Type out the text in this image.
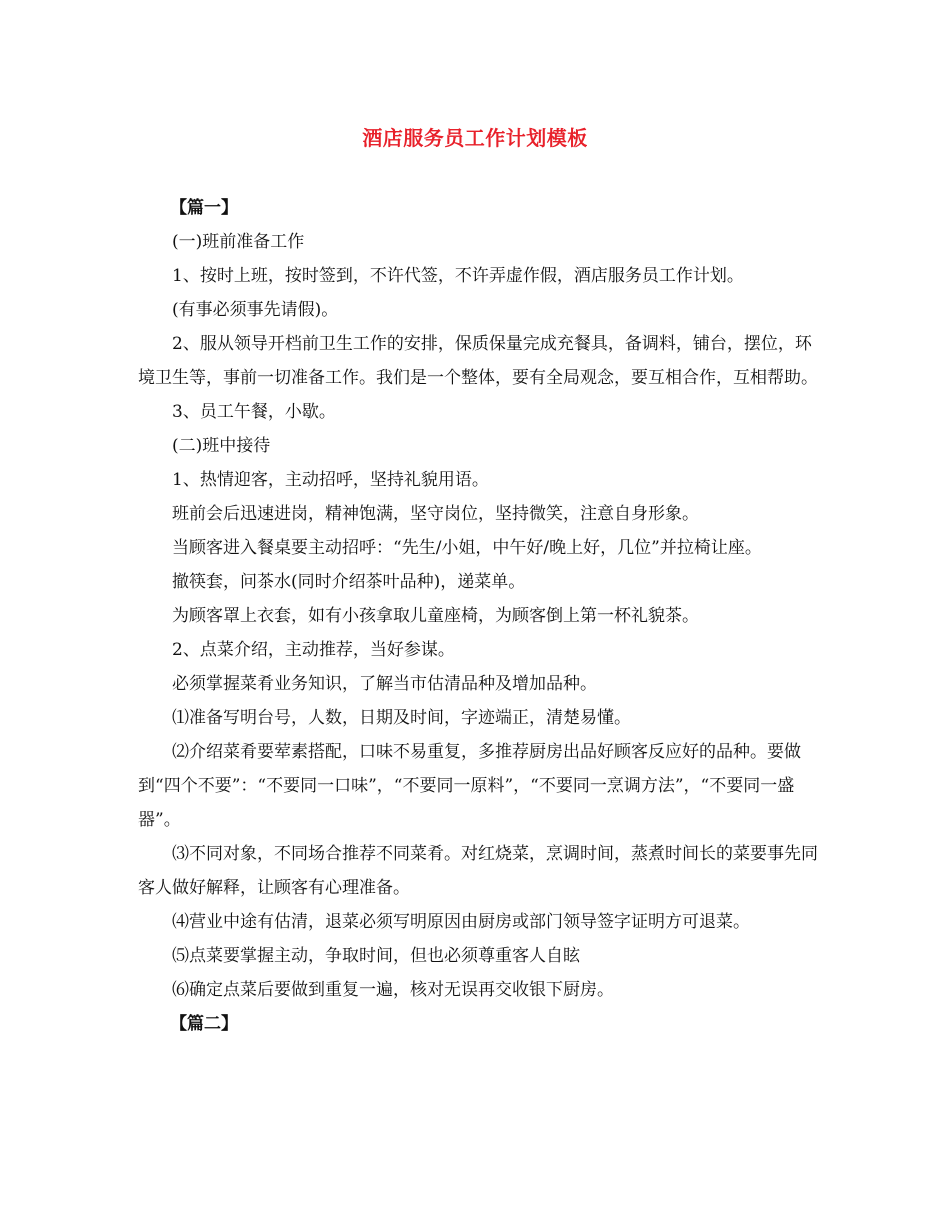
酒店服务员工作计划模板

【篇一】

(一)班前准备工作

1、按时上班，按时签到，不许代签，不许弄虚作假，酒店服务员工作计划。

(有事必须事先请假)。

2、服从领导开档前卫生工作的安排，保质保量完成充餐具，备调料，铺台，摆位，环境卫生等，事前一切准备工作。我们是一个整体，要有全局观念，要互相合作，互相帮助。

3、员工午餐，小歇。

(二)班中接待

1、热情迎客，主动招呼，坚持礼貌用语。

班前会后迅速进岗，精神饱满，坚守岗位，坚持微笑，注意自身形象。

当顾客进入餐桌要主动招呼：“先生/小姐，中午好/晚上好，几位”并拉椅让座。

撤筷套，问茶水(同时介绍茶叶品种)，递菜单。

为顾客罩上衣套，如有小孩拿取儿童座椅，为顾客倒上第一杯礼貌茶。

2、点菜介绍，主动推荐，当好参谋。

必须掌握菜肴业务知识，了解当市估清品种及增加品种。

⑴准备写明台号，人数，日期及时间，字迹端正，清楚易懂。

⑵介绍菜肴要荤素搭配，口味不易重复，多推荐厨房出品好顾客反应好的品种。要做到“四个不要”：“不要同一口味”，“不要同一原料”，“不要同一烹调方法”，“不要同一盛器”。

⑶不同对象，不同场合推荐不同菜肴。对红烧菜，烹调时间，蒸煮时间长的菜要事先同客人做好解释，让顾客有心理准备。

⑷营业中途有估清，退菜必须写明原因由厨房或部门领导签字证明方可退菜。

⑸点菜要掌握主动，争取时间，但也必须尊重客人自眩

⑹确定点菜后要做到重复一遍，核对无误再交收银下厨房。

【篇二】
